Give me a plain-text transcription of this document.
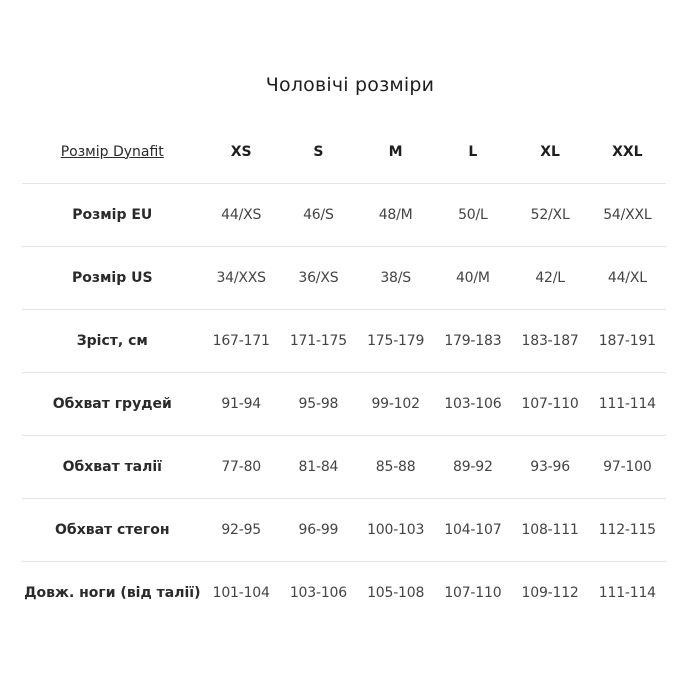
Чоловічі розміри
Розмір Dynafit	XS	S	M	L	XL	XXL
Розмір EU	44/XS	46/S	48/M	50/L	52/XL	54/XXL
Розмір US	34/XXS	36/XS	38/S	40/M	42/L	44/XL
Зріст, см	167-171	171-175	175-179	179-183	183-187	187-191
Обхват грудей	91-94	95-98	99-102	103-106	107-110	111-114
Обхват талії	77-80	81-84	85-88	89-92	93-96	97-100
Обхват стегон	92-95	96-99	100-103	104-107	108-111	112-115
Довж. ноги (від талії)	101-104	103-106	105-108	107-110	109-112	111-114
